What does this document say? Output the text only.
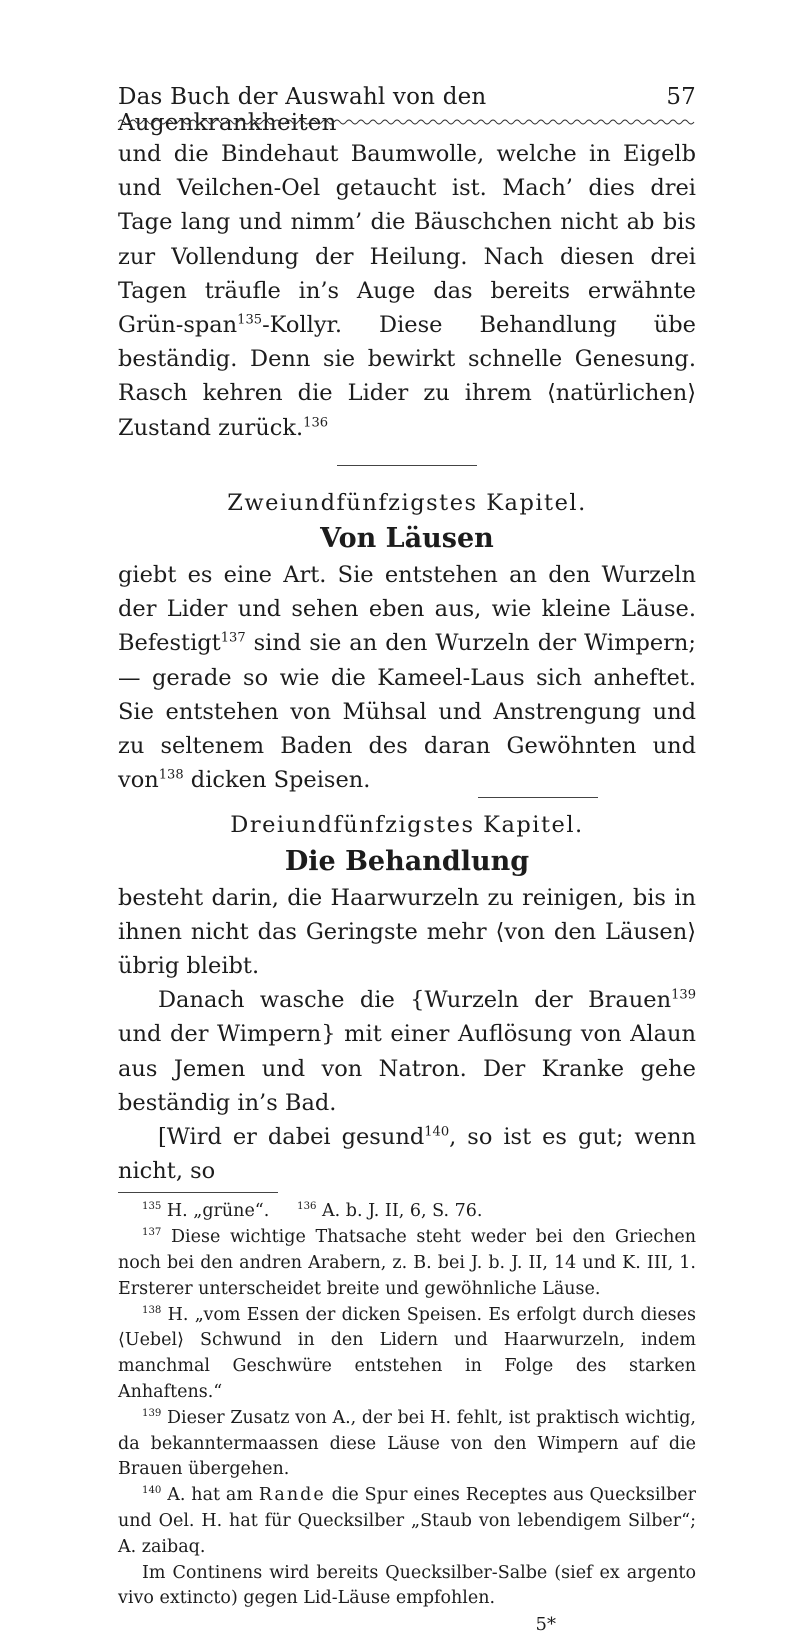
Das Buch der Auswahl von den Augenkrankheiten
57

und die Bindehaut Baumwolle, welche in Eigelb und Veilchen-Oel getaucht ist. Mach’ dies drei Tage lang und nimm’ die Bäuschchen nicht ab bis zur Vollendung der Heilung. Nach diesen drei Tagen träufle in’s Auge das bereits erwähnte Grün-span$^{135}$-Kollyr. Diese Behandlung übe beständig. Denn sie bewirkt schnelle Genesung. Rasch kehren die Lider zu ihrem ⟨natürlichen⟩ Zustand zurück.$^{136}$

Zweiundfünfzigstes Kapitel.
Von Läusen

giebt es eine Art. Sie entstehen an den Wurzeln der Lider und sehen eben aus, wie kleine Läuse. Befestigt$^{137}$ sind sie an den Wurzeln der Wimpern; — gerade so wie die Kameel-Laus sich anheftet. Sie entstehen von Mühsal und Anstrengung und zu seltenem Baden des daran Gewöhnten und von$^{138}$ dicken Speisen.

Dreiundfünfzigstes Kapitel.
Die Behandlung

besteht darin, die Haarwurzeln zu reinigen, bis in ihnen nicht das Geringste mehr ⟨von den Läusen⟩ übrig bleibt.

Danach wasche die {Wurzeln der Brauen$^{139}$ und der Wimpern} mit einer Auflösung von Alaun aus Jemen und von Natron. Der Kranke gehe beständig in’s Bad.

[Wird er dabei gesund$^{140}$, so ist es gut; wenn nicht, so

$^{135}$ H. „grüne“.	$^{136}$ A. b. J. II, 6, S. 76.

$^{137}$ Diese wichtige Thatsache steht weder bei den Griechen noch bei den andren Arabern, z. B. bei J. b. J. II, 14 und K. III, 1. Ersterer unterscheidet breite und gewöhnliche Läuse.

$^{138}$ H. „vom Essen der dicken Speisen. Es erfolgt durch dieses ⟨Uebel⟩ Schwund in den Lidern und Haarwurzeln, indem manchmal Geschwüre entstehen in Folge des starken Anhaftens.“

$^{139}$ Dieser Zusatz von A., der bei H. fehlt, ist praktisch wichtig, da bekanntermaassen diese Läuse von den Wimpern auf die Brauen übergehen.

$^{140}$ A. hat am Rande die Spur eines Receptes aus Quecksilber und Oel. H. hat für Quecksilber „Staub von lebendigem Silber“; A. zaibaq.

Im Continens wird bereits Quecksilber-Salbe (sief ex argento vivo extincto) gegen Lid-Läuse empfohlen.

5*
